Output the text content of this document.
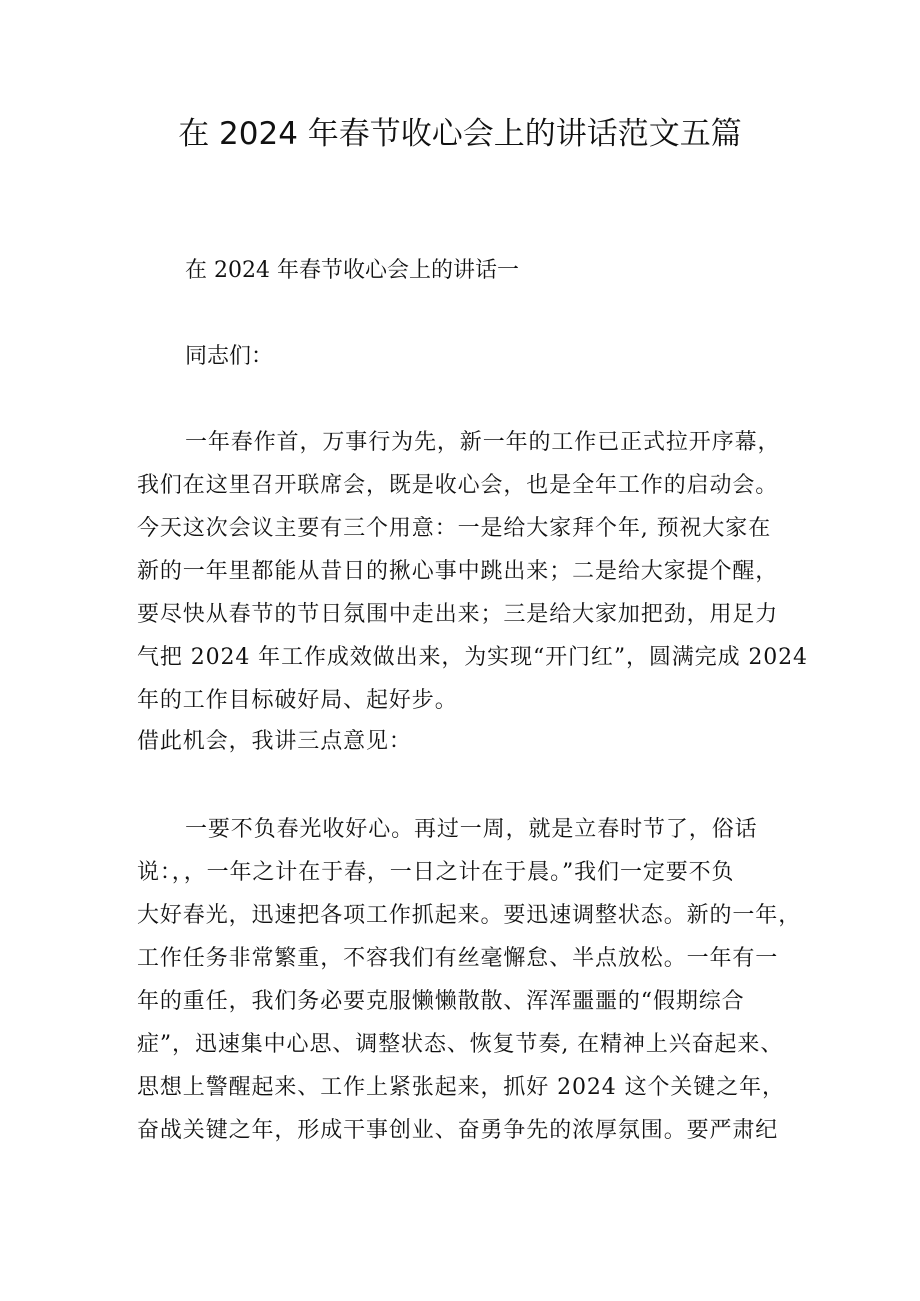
在 2024 年春节收心会上的讲话范文五篇
在 2024 年春节收心会上的讲话一
同志们：
一年春作首，万事行为先，新一年的工作已正式拉开序幕，
我们在这里召开联席会，既是收心会，也是全年工作的启动会。
今天这次会议主要有三个用意：一是给大家拜个年, 预祝大家在
新的一年里都能从昔日的揪心事中跳出来；二是给大家提个醒，
要尽快从春节的节日氛围中走出来；三是给大家加把劲，用足力
气把 2024 年工作成效做出来，为实现“开门红”，圆满完成 2024
年的工作目标破好局、起好步。
借此机会，我讲三点意见：
一要不负春光收好心。再过一周，就是立春时节了，俗话
说：，，一年之计在于春，一日之计在于晨。”我们一定要不负
大好春光，迅速把各项工作抓起来。要迅速调整状态。新的一年，
工作任务非常繁重，不容我们有丝毫懈怠、半点放松。一年有一
年的重任，我们务必要克服懒懒散散、浑浑噩噩的“假期综合
症”，迅速集中心思、调整状态、恢复节奏, 在精神上兴奋起来、
思想上警醒起来、工作上紧张起来，抓好 2024 这个关键之年，
奋战关键之年，形成干事创业、奋勇争先的浓厚氛围。要严肃纪
